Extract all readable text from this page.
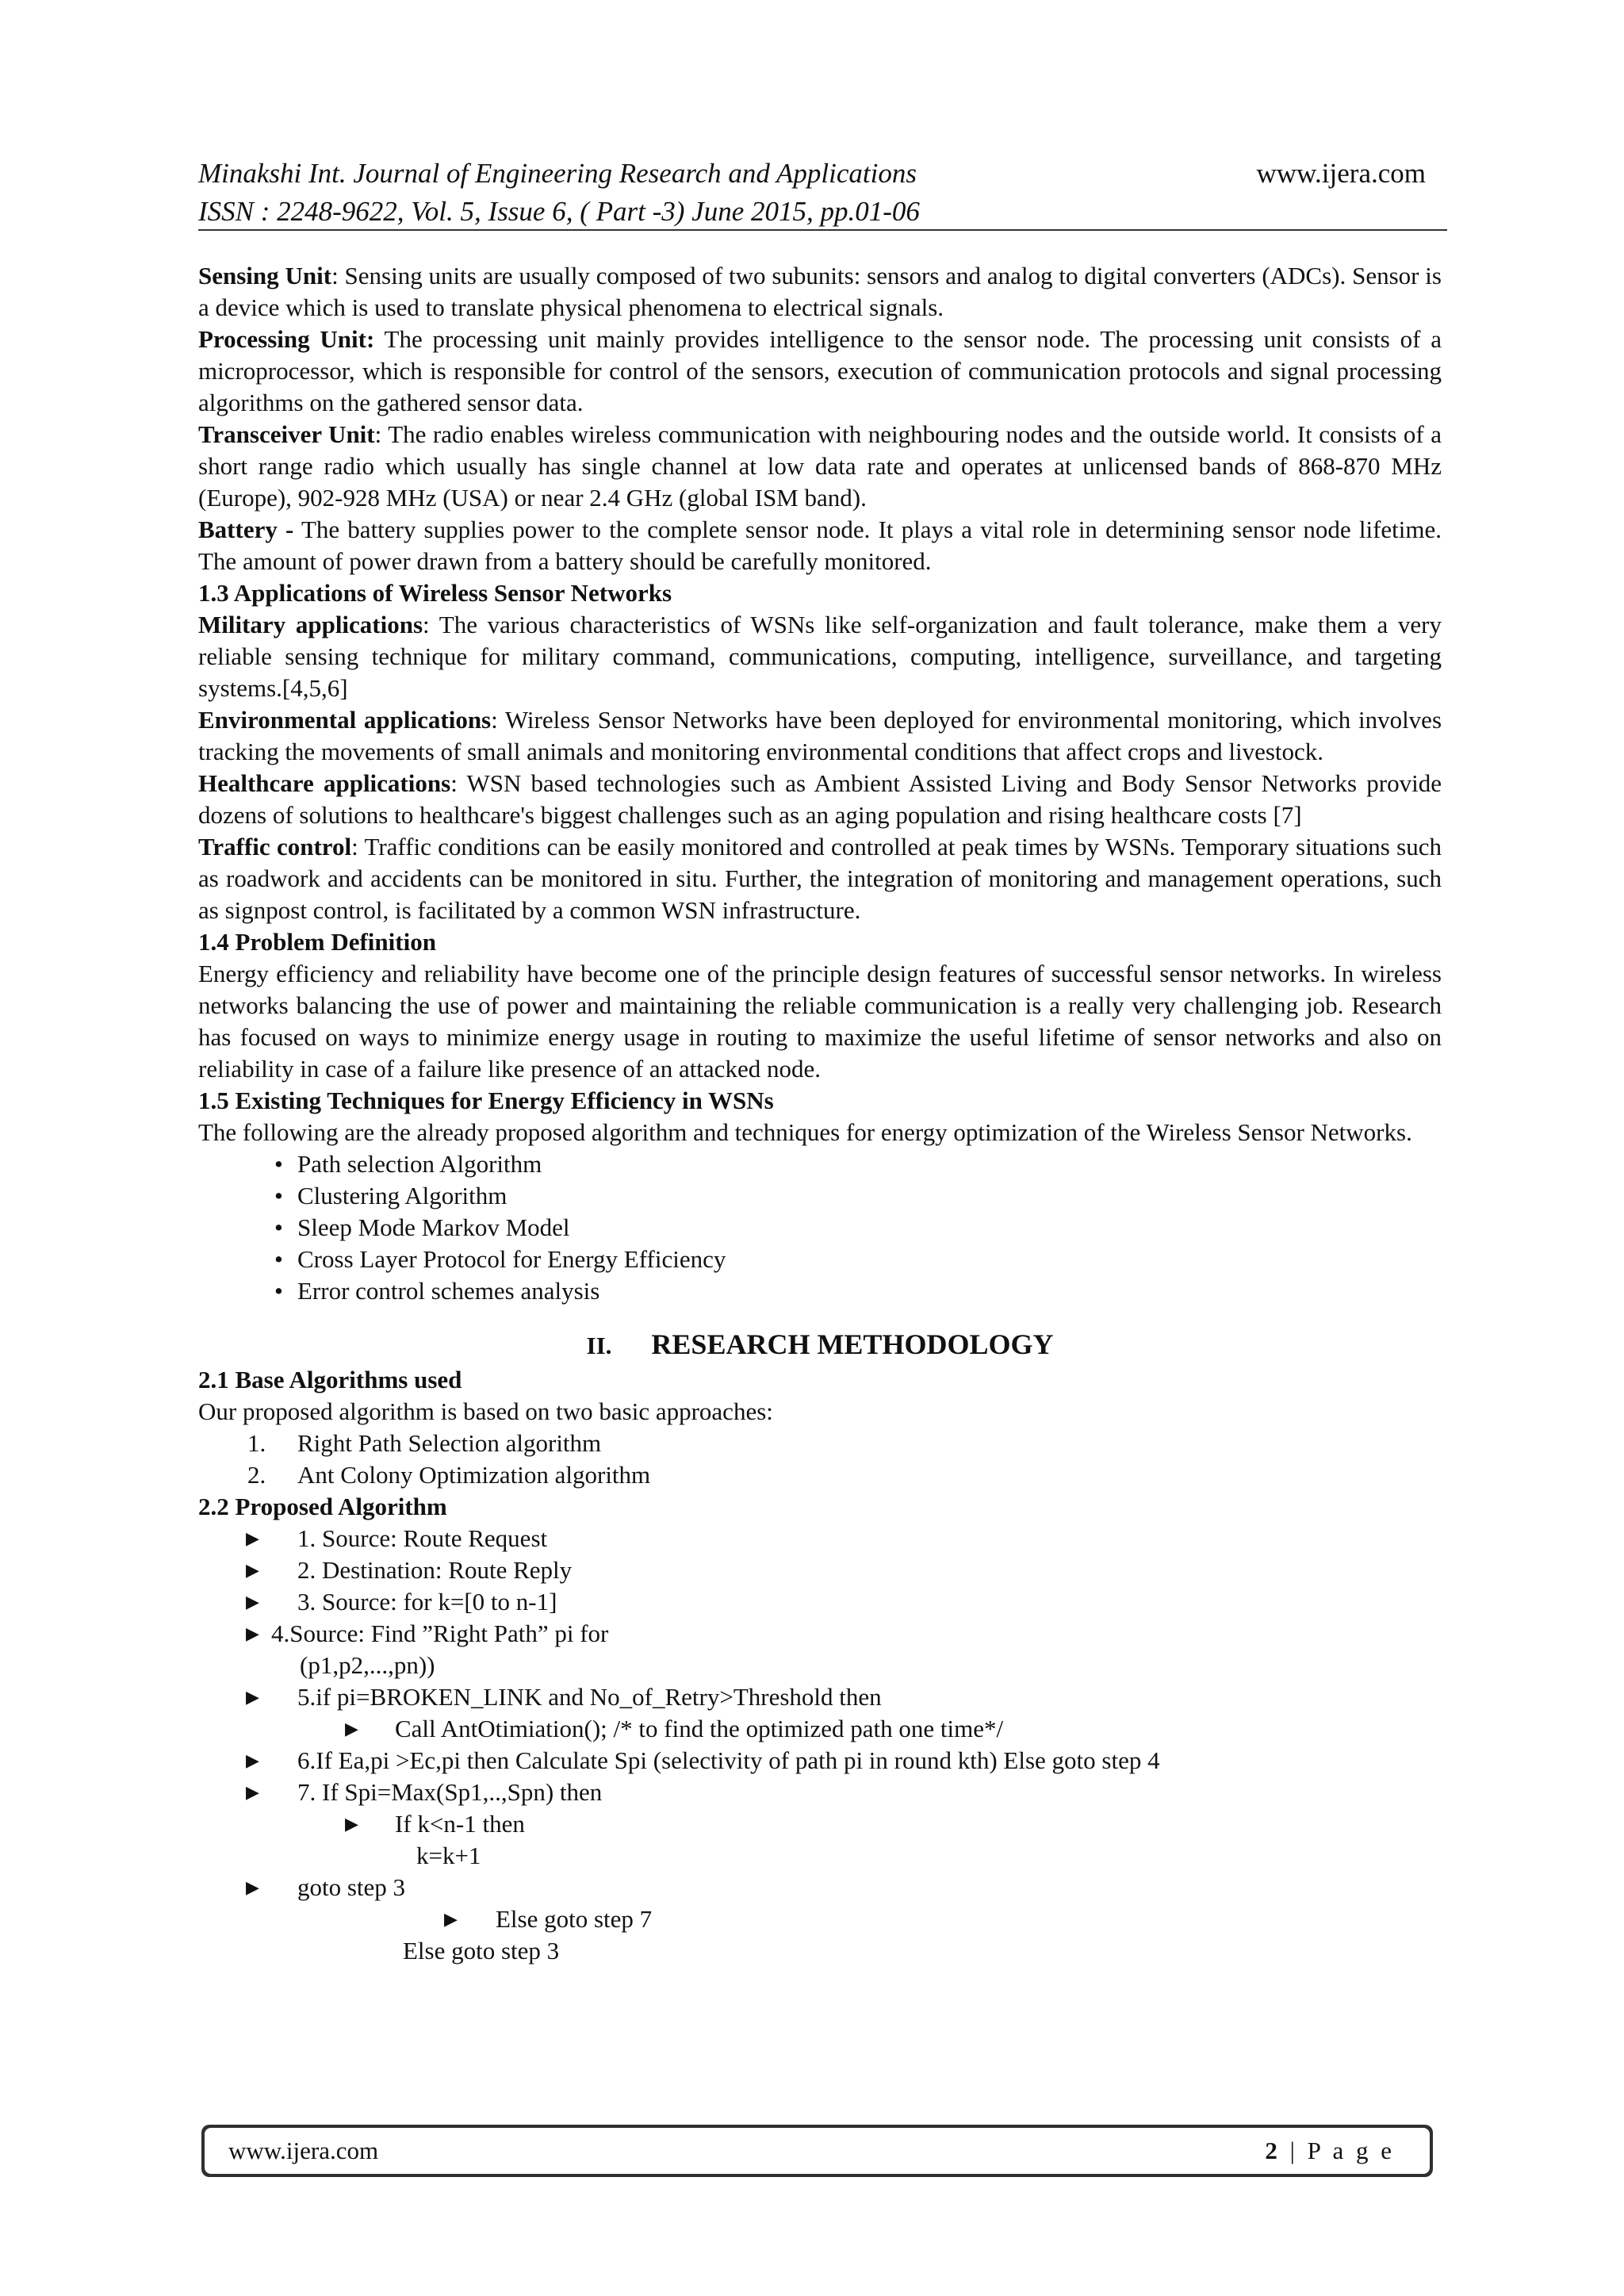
Minakshi Int. Journal of Engineering Research and Applications	www.ijera.com
ISSN : 2248-9622, Vol. 5, Issue 6, ( Part -3) June 2015, pp.01-06

Sensing Unit: Sensing units are usually composed of two subunits: sensors and analog to digital converters (ADCs). Sensor is a device which is used to translate physical phenomena to electrical signals.

Processing Unit: The processing unit mainly provides intelligence to the sensor node. The processing unit consists of a microprocessor, which is responsible for control of the sensors, execution of communication protocols and signal processing algorithms on the gathered sensor data.

Transceiver Unit: The radio enables wireless communication with neighbouring nodes and the outside world. It consists of a short range radio which usually has single channel at low data rate and operates at unlicensed bands of 868-870 MHz (Europe), 902-928 MHz (USA) or near 2.4 GHz (global ISM band).

Battery - The battery supplies power to the complete sensor node. It plays a vital role in determining sensor node lifetime. The amount of power drawn from a battery should be carefully monitored.

1.3 Applications of Wireless Sensor Networks

Military applications: The various characteristics of WSNs like self-organization and fault tolerance, make them a very reliable sensing technique for military command, communications, computing, intelligence, surveillance, and targeting systems.[4,5,6]

Environmental applications: Wireless Sensor Networks have been deployed for environmental monitoring, which involves tracking the movements of small animals and monitoring environmental conditions that affect crops and livestock.

Healthcare applications: WSN based technologies such as Ambient Assisted Living and Body Sensor Networks provide dozens of solutions to healthcare's biggest challenges such as an aging population and rising healthcare costs [7]

Traffic control: Traffic conditions can be easily monitored and controlled at peak times by WSNs. Temporary situations such as roadwork and accidents can be monitored in situ. Further, the integration of monitoring and management operations, such as signpost control, is facilitated by a common WSN infrastructure.

1.4 Problem Definition

Energy efficiency and reliability have become one of the principle design features of successful sensor networks. In wireless networks balancing the use of power and maintaining the reliable communication is a really very challenging job. Research has focused on ways to minimize energy usage in routing to maximize the useful lifetime of sensor networks and also on reliability in case of a failure like presence of an attacked node.

1.5 Existing Techniques for Energy Efficiency in WSNs

The following are the already proposed algorithm and techniques for energy optimization of the Wireless Sensor Networks.

• Path selection Algorithm
• Clustering Algorithm
• Sleep Mode Markov Model
• Cross Layer Protocol for Energy Efficiency
• Error control schemes analysis

II. RESEARCH METHODOLOGY

2.1 Base Algorithms used

Our proposed algorithm is based on two basic approaches:

1. Right Path Selection algorithm
2. Ant Colony Optimization algorithm

2.2 Proposed Algorithm

▶ 1. Source: Route Request
▶ 2. Destination: Route Reply
▶ 3. Source: for k=[0 to n-1]
▶ 4.Source: Find ”Right Path” pi for
(p1,p2,...,pn))
▶ 5.if pi=BROKEN_LINK and No_of_Retry>Threshold then
▶ Call AntOtimiation(); /* to find the optimized path one time*/
▶ 6.If Ea,pi >Ec,pi then Calculate Spi (selectivity of path pi in round kth) Else goto step 4
▶ 7. If Spi=Max(Sp1,..,Spn) then
▶ If k<n-1 then
k=k+1
▶ goto step 3
▶ Else goto step 7
Else goto step 3
www.ijera.com	2 | P a g e
